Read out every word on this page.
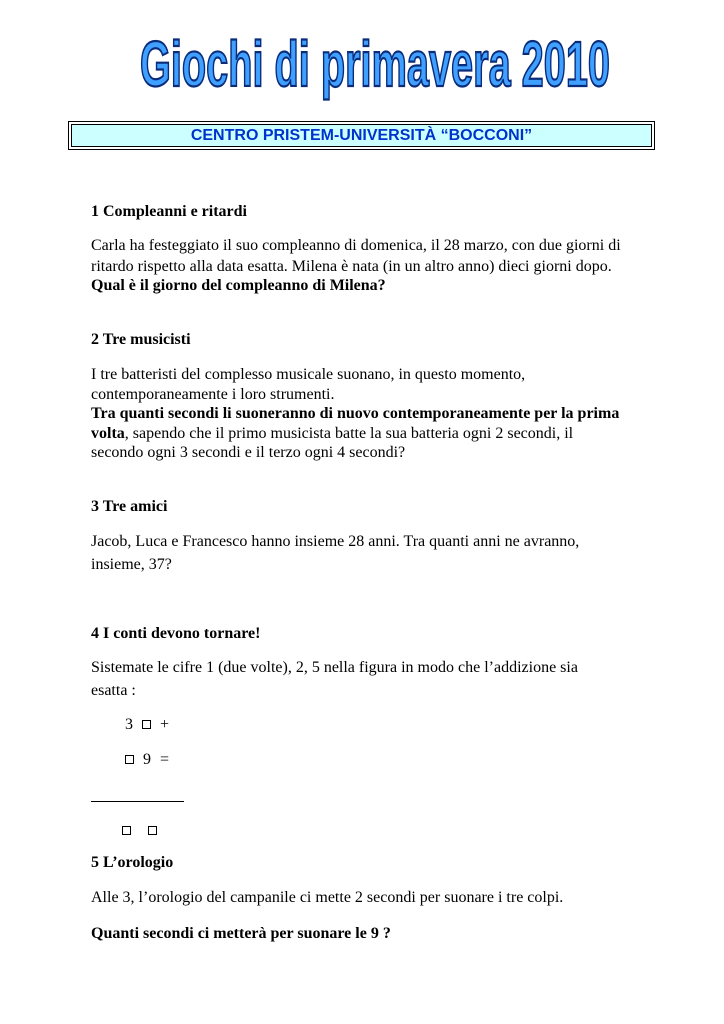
Giochi di primavera 2010
CENTRO PRISTEM-UNIVERSITÀ “BOCCONI”
1 Compleanni e ritardi
Carla ha festeggiato il suo compleanno di domenica, il 28 marzo, con due giorni di
ritardo rispetto alla data esatta. Milena è nata (in un altro anno) dieci giorni dopo.
Qual è il giorno del compleanno di Milena?
2 Tre musicisti
I tre batteristi del complesso musicale suonano, in questo momento,
contemporaneamente i loro strumenti.
Tra quanti secondi li suoneranno di nuovo contemporaneamente per la prima
volta, sapendo che il primo musicista batte la sua batteria ogni 2 secondi, il
secondo ogni 3 secondi e il terzo ogni 4 secondi?
3 Tre amici
Jacob, Luca e Francesco hanno insieme 28 anni. Tra quanti anni ne avranno,
insieme, 37?
4 I conti devono tornare!
Sistemate le cifre 1 (due volte), 2, 5 nella figura in modo che l’addizione sia
esatta :
3 +
9 =
5 L’orologio
Alle 3, l’orologio del campanile ci mette 2 secondi per suonare i tre colpi.
Quanti secondi ci metterà per suonare le 9 ?
